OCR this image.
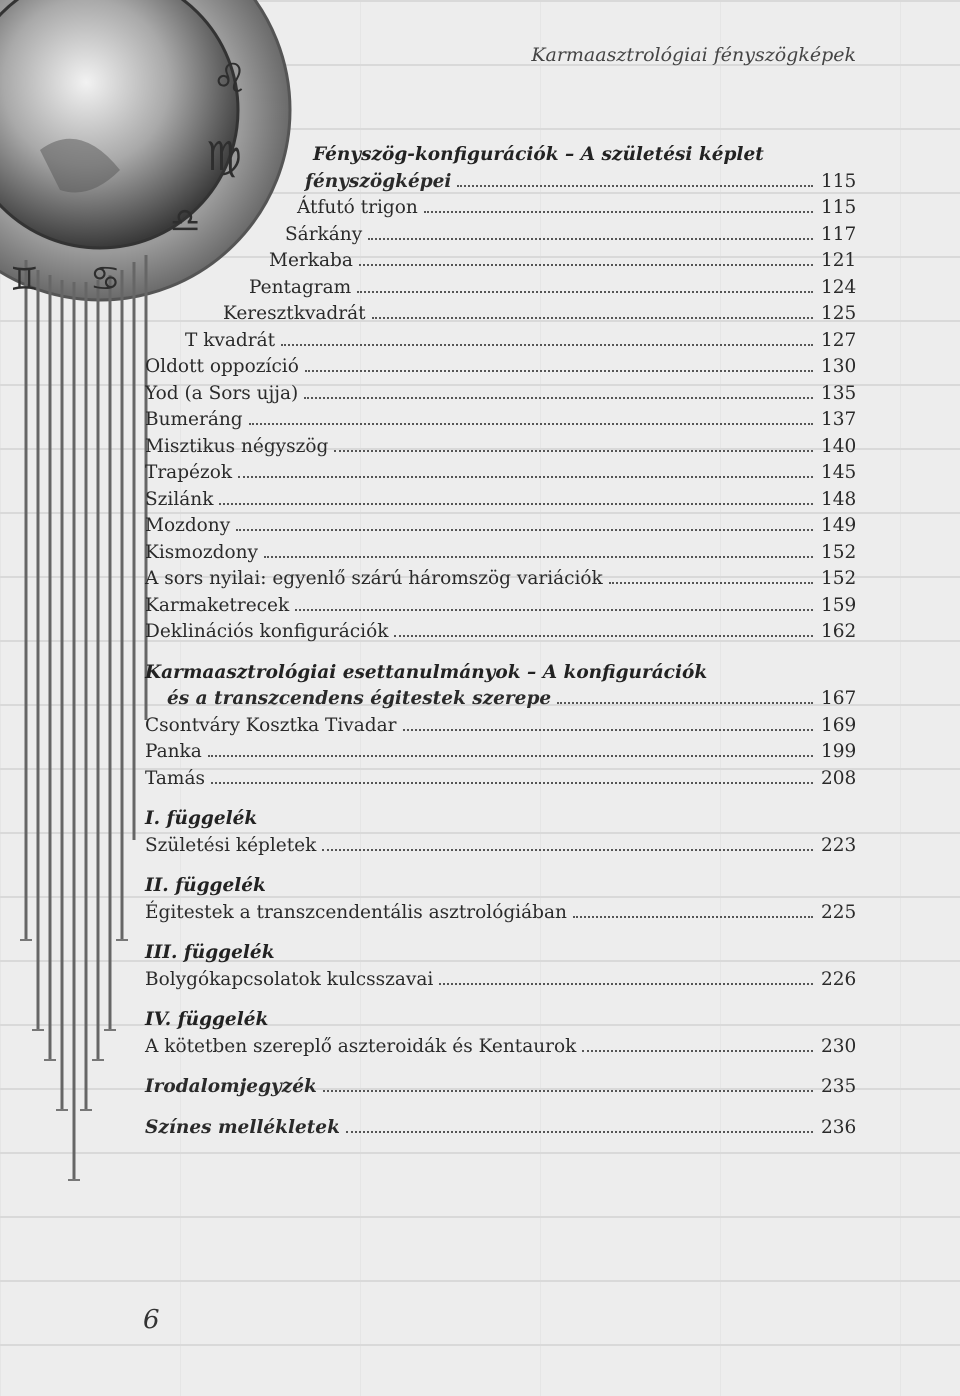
♌
♍
♎
♊ ♋
Karmaasztrológiai fényszögképek
Fényszög-konfigurációk – A születési képlet
fényszögképei	115
Átfutó trigon	115
Sárkány	117
Merkaba	121
Pentagram	124
Keresztkvadrát	125
T kvadrát	127
Oldott oppozíció	130
Yod (a Sors ujja)	135
Bumeráng	137
Misztikus négyszög	140
Trapézok	145
Szilánk	148
Mozdony	149
Kismozdony	152
A sors nyilai: egyenlő szárú háromszög variációk	152
Karmaketrecek	159
Deklinációs konfigurációk	162
Karmaasztrológiai esettanulmányok – A konfigurációk
és a transzcendens égitestek szerepe	167
Csontváry Kosztka Tivadar	169
Panka	199
Tamás	208
I. függelék
Születési képletek	223
II. függelék
Égitestek a transzcendentális asztrológiában	225
III. függelék
Bolygókapcsolatok kulcsszavai	226
IV. függelék
A kötetben szereplő aszteroidák és Kentaurok	230
Irodalomjegyzék	235
Színes mellékletek	236
6
